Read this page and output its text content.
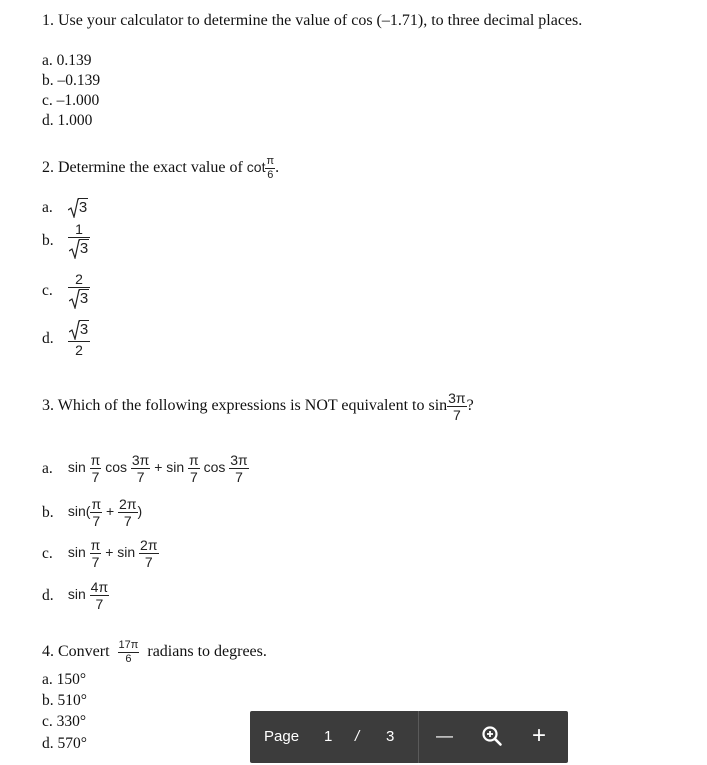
1. Use your calculator to determine the value of cos (–1.71), to three decimal places.
a. 0.139
b. –0.139
c. –1.000
d. 1.000
2. Determine the exact value of $\cot \frac{\pi}{6}$ .
a. 3
b. $\frac{1}{3}$
c. $\frac{2}{3}$
d. $\frac{3}{2}$
3. Which of the following expressions is NOT equivalent to $\sin \frac{3\pi}{7}$ ?
a. $\sin \frac{\pi}{7}$ $\cos \frac{3\pi}{7} + \sin \frac{\pi}{7}$ $\cos \frac{3\pi}{7}$
b. $\sin( \frac{\pi}{7} + \frac{2\pi}{7}$ )
c. $\sin \frac{\pi}{7} + \sin \frac{2\pi}{7}$
d. $\sin \frac{4\pi}{7}$
4. Convert $\frac{17\pi}{6}$ radians to degrees.
a. 150°
b. 510°
c. 330°
d. 570°	Page 1 / 3 —	+
